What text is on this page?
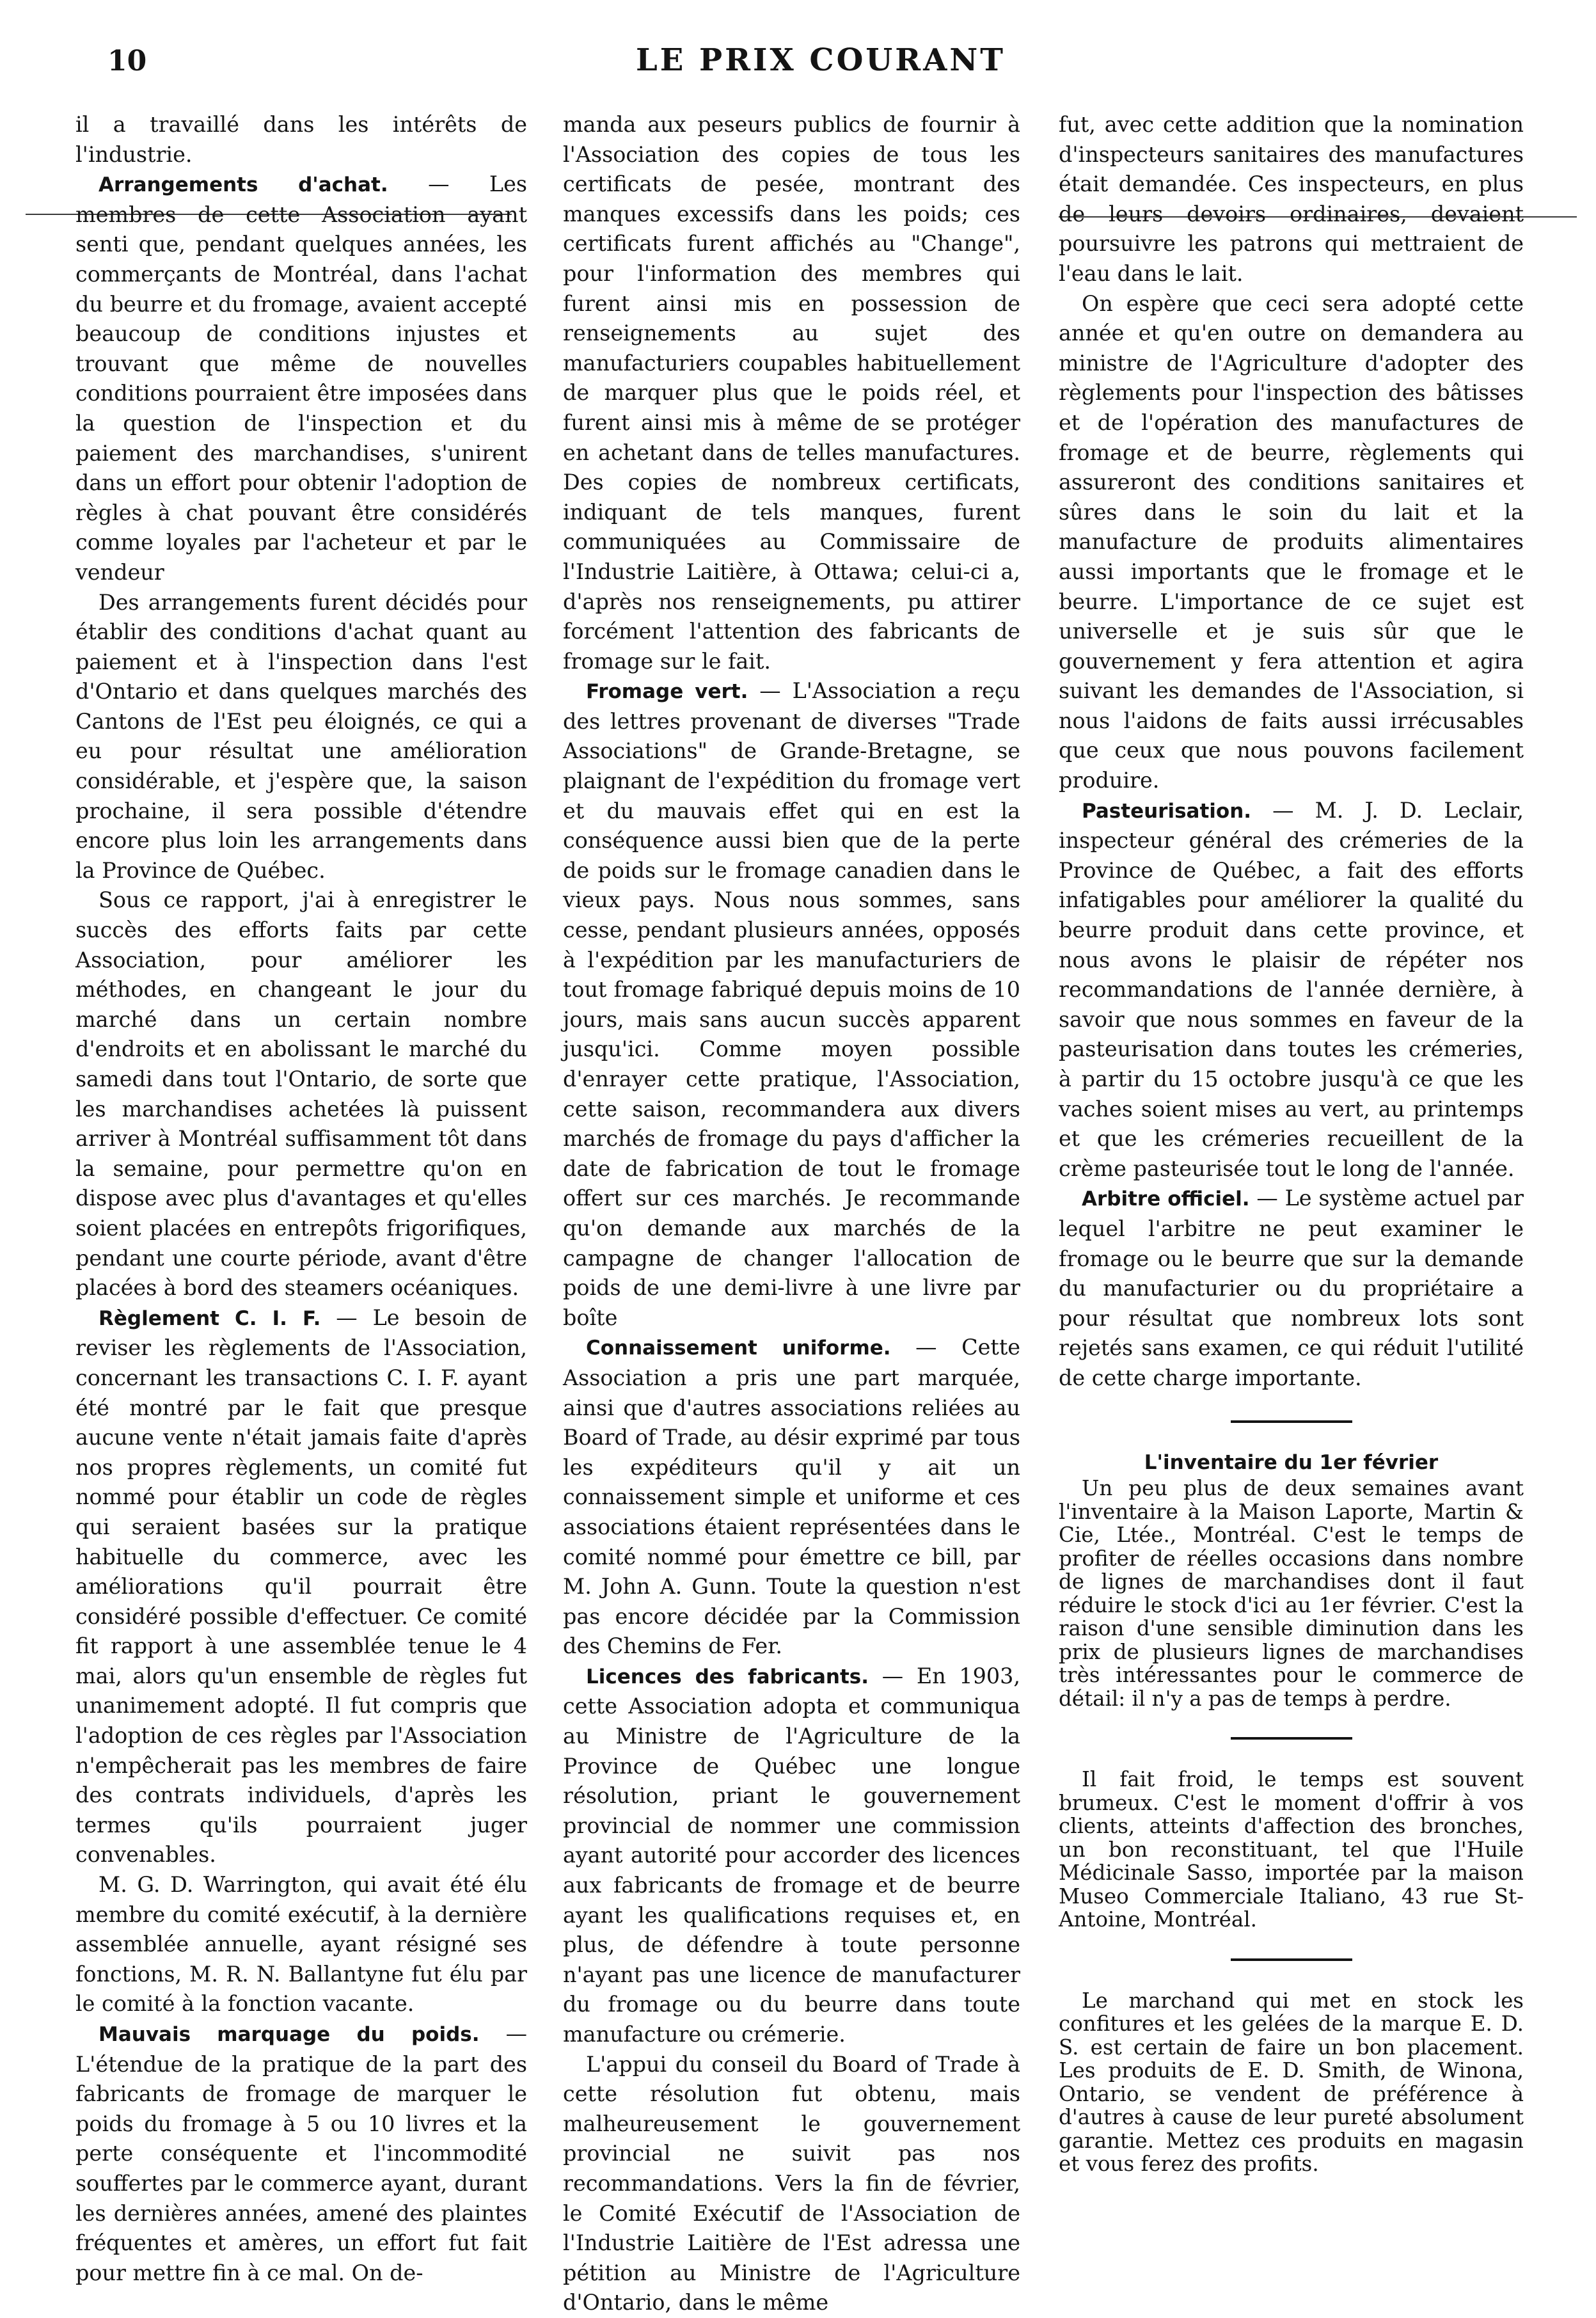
10	LE PRIX COURANT

il a travaillé dans les intérêts de l'industrie.

Arrangements d'achat. — Les membres de cette Association ayant senti que, pendant quelques années, les commerçants de Montréal, dans l'achat du beurre et du fromage, avaient accepté beaucoup de conditions injustes et trouvant que même de nouvelles conditions pourraient être imposées dans la question de l'inspection et du paiement des marchandises, s'unirent dans un effort pour obtenir l'adoption de règles à chat pouvant être considérés comme loyales par l'acheteur et par le vendeur

Des arrangements furent décidés pour établir des conditions d'achat quant au paiement et à l'inspection dans l'est d'Ontario et dans quelques marchés des Cantons de l'Est peu éloignés, ce qui a eu pour résultat une amélioration considérable, et j'espère que, la saison prochaine, il sera possible d'étendre encore plus loin les arrangements dans la Province de Québec.

Sous ce rapport, j'ai à enregistrer le succès des efforts faits par cette Association, pour améliorer les méthodes, en changeant le jour du marché dans un certain nombre d'endroits et en abolissant le marché du samedi dans tout l'Ontario, de sorte que les marchandises achetées là puissent arriver à Montréal suffisamment tôt dans la semaine, pour permettre qu'on en dispose avec plus d'avantages et qu'elles soient placées en entrepôts frigorifiques, pendant une courte période, avant d'être placées à bord des steamers océaniques.

Règlement C. I. F. — Le besoin de reviser les règlements de l'Association, concernant les transactions C. I. F. ayant été montré par le fait que presque aucune vente n'était jamais faite d'après nos propres règlements, un comité fut nommé pour établir un code de règles qui seraient basées sur la pratique habituelle du commerce, avec les améliorations qu'il pourrait être considéré possible d'effectuer. Ce comité fit rapport à une assemblée tenue le 4 mai, alors qu'un ensemble de règles fut unanimement adopté. Il fut compris que l'adoption de ces règles par l'Association n'empêcherait pas les membres de faire des contrats individuels, d'après les termes qu'ils pourraient juger convenables.

M. G. D. Warrington, qui avait été élu membre du comité exécutif, à la dernière assemblée annuelle, ayant résigné ses fonctions, M. R. N. Ballantyne fut élu par le comité à la fonction vacante.

Mauvais marquage du poids. — L'étendue de la pratique de la part des fabricants de fromage de marquer le poids du fromage à 5 ou 10 livres et la perte conséquente et l'incommodité souffertes par le commerce ayant, durant les dernières années, amené des plaintes fréquentes et amères, un effort fut fait pour mettre fin à ce mal. On de-

manda aux peseurs publics de fournir à l'Association des copies de tous les certificats de pesée, montrant des manques excessifs dans les poids; ces certificats furent affichés au "Change", pour l'information des membres qui furent ainsi mis en possession de renseignements au sujet des manufacturiers coupables habituellement de marquer plus que le poids réel, et furent ainsi mis à même de se protéger en achetant dans de telles manufactures. Des copies de nombreux certificats, indiquant de tels manques, furent communiquées au Commissaire de l'Industrie Laitière, à Ottawa; celui-ci a, d'après nos renseignements, pu attirer forcément l'attention des fabricants de fromage sur le fait.

Fromage vert. — L'Association a reçu des lettres provenant de diverses "Trade Associations" de Grande-Bretagne, se plaignant de l'expédition du fromage vert et du mauvais effet qui en est la conséquence aussi bien que de la perte de poids sur le fromage canadien dans le vieux pays. Nous nous sommes, sans cesse, pendant plusieurs années, opposés à l'expédition par les manufacturiers de tout fromage fabriqué depuis moins de 10 jours, mais sans aucun succès apparent jusqu'ici. Comme moyen possible d'enrayer cette pratique, l'Association, cette saison, recommandera aux divers marchés de fromage du pays d'afficher la date de fabrication de tout le fromage offert sur ces marchés. Je recommande qu'on demande aux marchés de la campagne de changer l'allocation de poids de une demi-livre à une livre par boîte

Connaissement uniforme. — Cette Association a pris une part marquée, ainsi que d'autres associations reliées au Board of Trade, au désir exprimé par tous les expéditeurs qu'il y ait un connaissement simple et uniforme et ces associations étaient représentées dans le comité nommé pour émettre ce bill, par M. John A. Gunn. Toute la question n'est pas encore décidée par la Commission des Chemins de Fer.

Licences des fabricants. — En 1903, cette Association adopta et communiqua au Ministre de l'Agriculture de la Province de Québec une longue résolution, priant le gouvernement provincial de nommer une commission ayant autorité pour accorder des licences aux fabricants de fromage et de beurre ayant les qualifications requises et, en plus, de défendre à toute personne n'ayant pas une licence de manufacturer du fromage ou du beurre dans toute manufacture ou crémerie.

L'appui du conseil du Board of Trade à cette résolution fut obtenu, mais malheureusement le gouvernement provincial ne suivit pas nos recommandations. Vers la fin de février, le Comité Exécutif de l'Association de l'Industrie Laitière de l'Est adressa une pétition au Ministre de l'Agriculture d'Ontario, dans le même

fut, avec cette addition que la nomination d'inspecteurs sanitaires des manufactures était demandée. Ces inspecteurs, en plus de leurs devoirs ordinaires, devaient poursuivre les patrons qui mettraient de l'eau dans le lait.

On espère que ceci sera adopté cette année et qu'en outre on demandera au ministre de l'Agriculture d'adopter des règlements pour l'inspection des bâtisses et de l'opération des manufactures de fromage et de beurre, règlements qui assureront des conditions sanitaires et sûres dans le soin du lait et la manufacture de produits alimentaires aussi importants que le fromage et le beurre. L'importance de ce sujet est universelle et je suis sûr que le gouvernement y fera attention et agira suivant les demandes de l'Association, si nous l'aidons de faits aussi irrécusables que ceux que nous pouvons facilement produire.

Pasteurisation. — M. J. D. Leclair, inspecteur général des crémeries de la Province de Québec, a fait des efforts infatigables pour améliorer la qualité du beurre produit dans cette province, et nous avons le plaisir de répéter nos recommandations de l'année dernière, à savoir que nous sommes en faveur de la pasteurisation dans toutes les crémeries, à partir du 15 octobre jusqu'à ce que les vaches soient mises au vert, au printemps et que les crémeries recueillent de la crème pasteurisée tout le long de l'année.

Arbitre officiel. — Le système actuel par lequel l'arbitre ne peut examiner le fromage ou le beurre que sur la demande du manufacturier ou du propriétaire a pour résultat que nombreux lots sont rejetés sans examen, ce qui réduit l'utilité de cette charge importante.

L'inventaire du 1er février

Un peu plus de deux semaines avant l'inventaire à la Maison Laporte, Martin & Cie, Ltée., Montréal. C'est le temps de profiter de réelles occasions dans nombre de lignes de marchandises dont il faut réduire le stock d'ici au 1er février. C'est la raison d'une sensible diminution dans les prix de plusieurs lignes de marchandises très intéressantes pour le commerce de détail: il n'y a pas de temps à perdre.

Il fait froid, le temps est souvent brumeux. C'est le moment d'offrir à vos clients, atteints d'affection des bronches, un bon reconstituant, tel que l'Huile Médicinale Sasso, importée par la maison Museo Commerciale Italiano, 43 rue St-Antoine, Montréal.

Le marchand qui met en stock les confitures et les gelées de la marque E. D. S. est certain de faire un bon placement. Les produits de E. D. Smith, de Winona, Ontario, se vendent de préférence à d'autres à cause de leur pureté absolument garantie. Mettez ces produits en magasin et vous ferez des profits.
